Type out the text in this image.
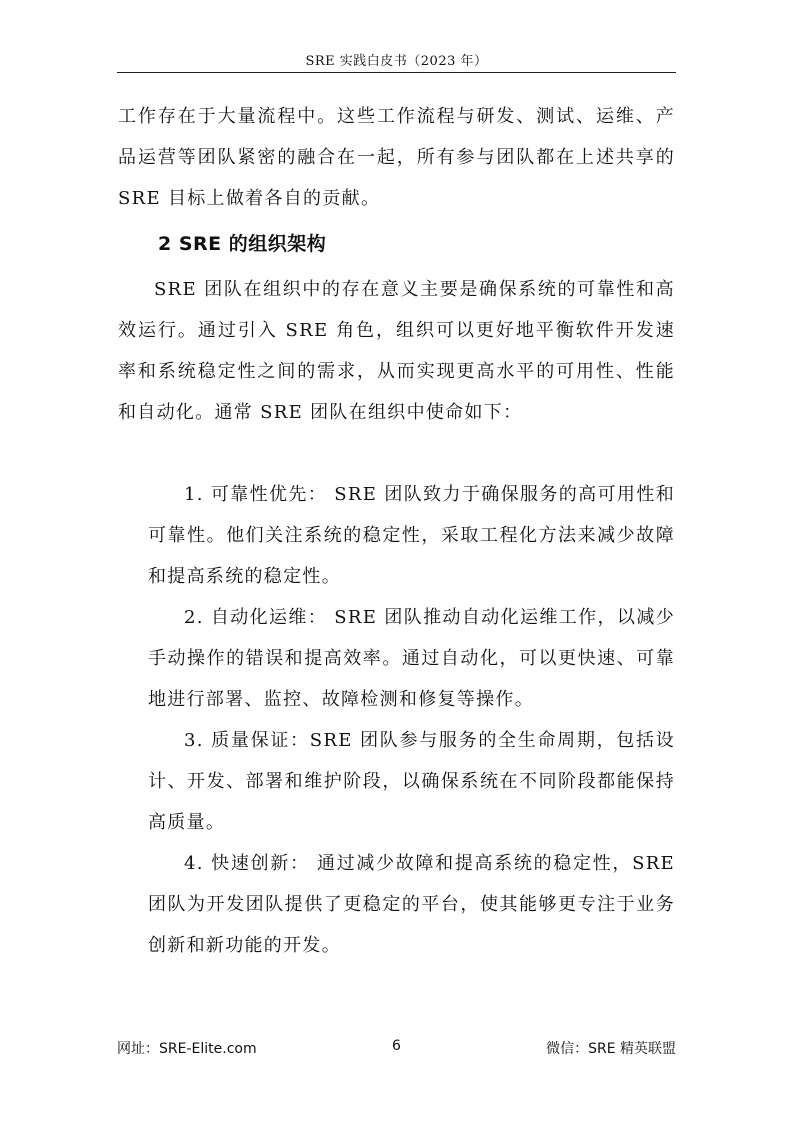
SRE 实践白皮书（2023 年）

工作存在于大量流程中。这些工作流程与研发、测试、运维、产品运营等团队紧密的融合在一起，所有参与团队都在上述共享的 SRE 目标上做着各自的贡献。

2 SRE 的组织架构

SRE 团队在组织中的存在意义主要是确保系统的可靠性和高效运行。通过引入 SRE 角色，组织可以更好地平衡软件开发速率和系统稳定性之间的需求，从而实现更高水平的可用性、性能和自动化。通常 SRE 团队在组织中使命如下：

1. 可靠性优先： SRE 团队致力于确保服务的高可用性和可靠性。他们关注系统的稳定性，采取工程化方法来减少故障和提高系统的稳定性。

2. 自动化运维： SRE 团队推动自动化运维工作，以减少手动操作的错误和提高效率。通过自动化，可以更快速、可靠地进行部署、监控、故障检测和修复等操作。

3. 质量保证：SRE 团队参与服务的全生命周期，包括设计、开发、部署和维护阶段，以确保系统在不同阶段都能保持高质量。

4. 快速创新： 通过减少故障和提高系统的稳定性，SRE团队为开发团队提供了更稳定的平台，使其能够更专注于业务创新和新功能的开发。

网址：SRE-Elite.com	6	微信：SRE 精英联盟
